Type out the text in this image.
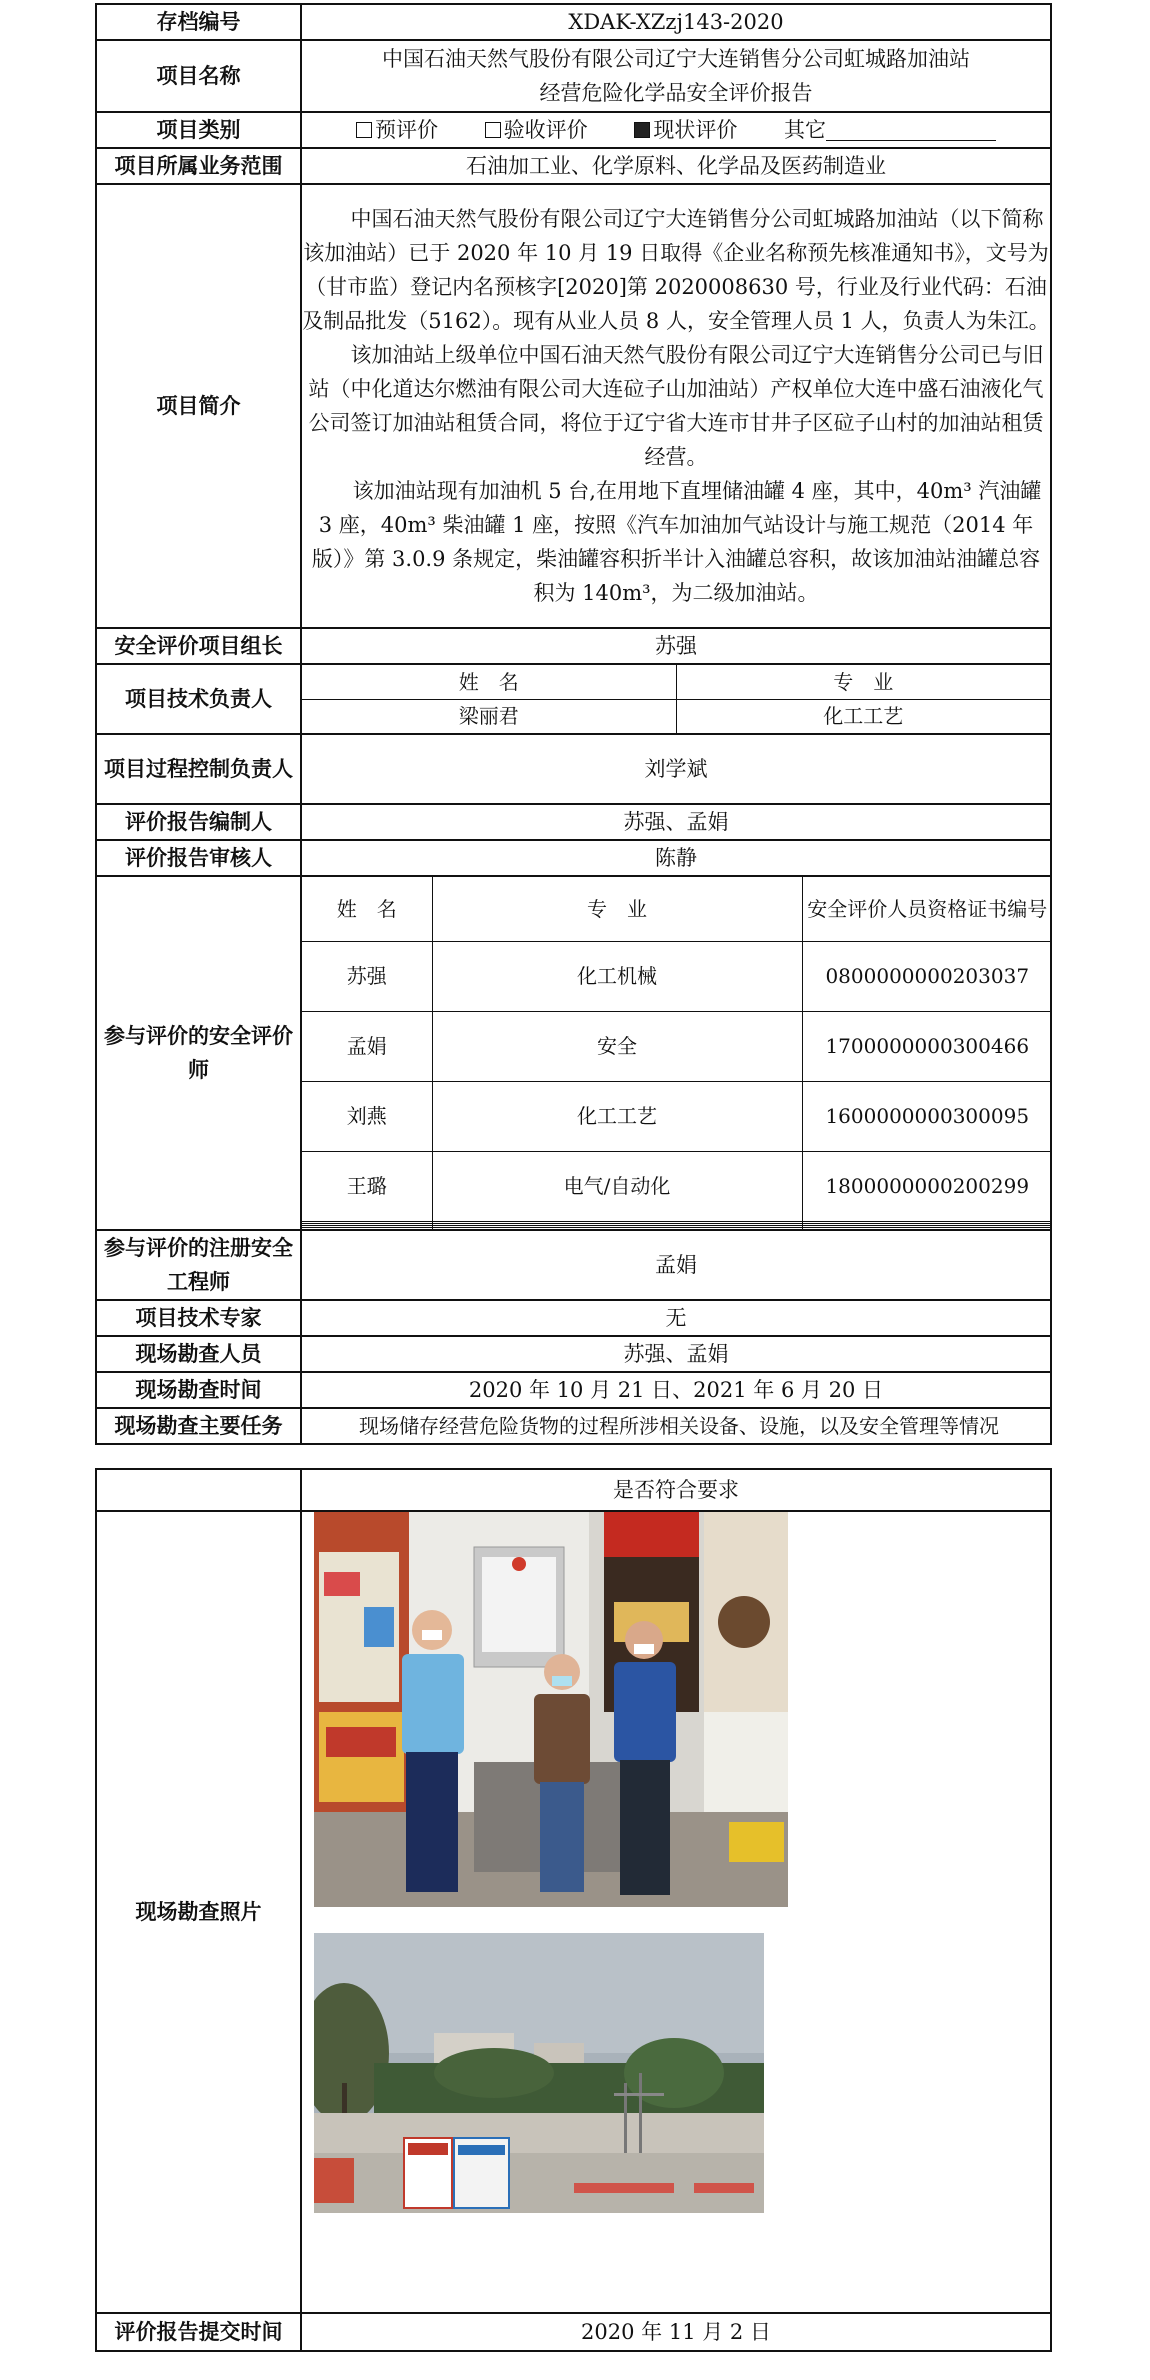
存档编号	XDAK-XZzj143-2020
项目名称	
中国石油天然气股份有限公司辽宁大连销售分公司虹城路加油站
经营危险化学品安全评价报告

项目类别	预评价	验收评价	现状评价 其它
项目所属业务范围	石油加工业、化学原料、化学品及医药制造业
项目简介	

中国石油天然气股份有限公司辽宁大连销售分公司虹城路加油站（以下简称该加油站）已于 2020 年 10 月 19 日取得《企业名称预先核准通知书》，文号为（甘市监）登记内名预核字[2020]第 2020008630 号，行业及行业代码：石油及制品批发（5162）。现有从业人员 8 人，安全管理人员 1 人，负责人为朱江。

该加油站上级单位中国石油天然气股份有限公司辽宁大连销售分公司已与旧站（中化道达尔燃油有限公司大连砬子山加油站）产权单位大连中盛石油液化气公司签订加油站租赁合同，将位于辽宁省大连市甘井子区砬子山村的加油站租赁经营。

该加油站现有加油机 5 台,在用地下直埋储油罐 4 座，其中，40m³ 汽油罐 3 座，40m³ 柴油罐 1 座，按照《汽车加油加气站设计与施工规范（2014 年版）》第 3.0.9 条规定，柴油罐容积折半计入油罐总容积，故该加油站油罐总容积为 140m³，为二级加油站。

安全评价项目组长	苏强
项目技术负责人	
姓　名	专　业
梁丽君	化工工艺

项目过程控制负责人	刘学斌
评价报告编制人	苏强、孟娟
评价报告审核人	陈静
参与评价的安全评价师	
姓　名	专　业	安全评价人员资格证书编号
苏强	化工机械	0800000000203037
孟娟	安全	1700000000300466
刘燕	化工工艺	1600000000300095
王璐	电气/自动化	1800000000200299

参与评价的注册安全工程师	孟娟
项目技术专家	无
现场勘查人员	苏强、孟娟
现场勘查时间	2020 年 10 月 21 日、2021 年 6 月 20 日
现场勘查主要任务	现场储存经营危险货物的过程所涉相关设备、设施，以及安全管理等情况
	是否符合要求
现场勘查照片	
评价报告提交时间	2020 年 11 月 2 日
